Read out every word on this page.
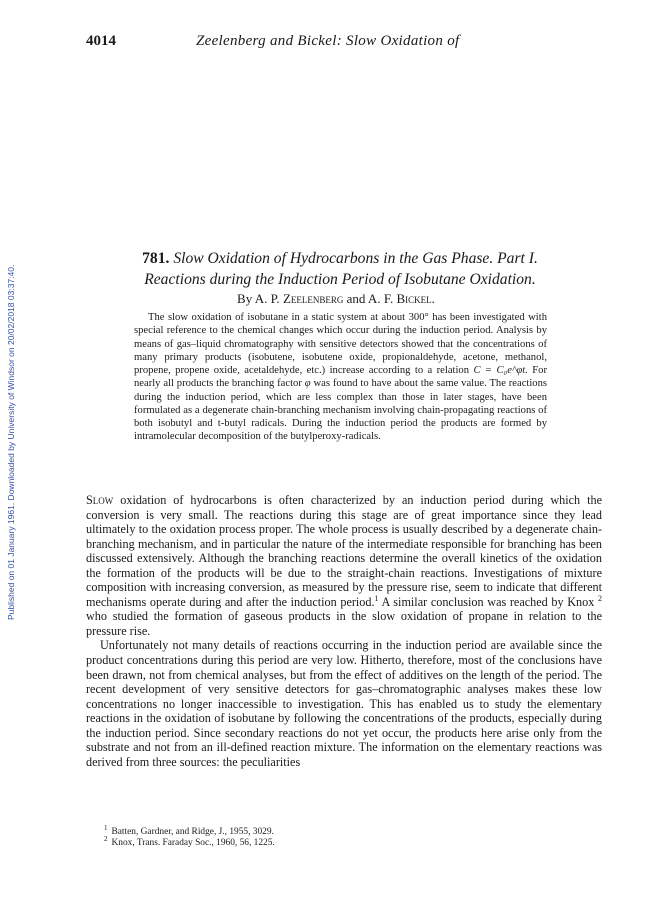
4014	Zeelenberg and Bickel: Slow Oxidation of
Published on 01 January 1961. Downloaded by University of Windsor on 20/02/2018 03:37:40.
781. Slow Oxidation of Hydrocarbons in the Gas Phase. Part I.
Reactions during the Induction Period of Isobutane Oxidation.
By A. P. Zeelenberg and A. F. Bickel.

The slow oxidation of isobutane in a static system at about 300° has been investigated with special reference to the chemical changes which occur during the induction period. Analysis by means of gas–liquid chromatography with sensitive detectors showed that the concentrations of many primary products (isobutene, isobutene oxide, propionaldehyde, acetone, methanol, propene, propene oxide, acetaldehyde, etc.) increase according to a relation C = C₀e^φt. For nearly all products the branching factor φ was found to have about the same value. The reactions during the induction period, which are less complex than those in later stages, have been formulated as a degenerate chain-branching mechanism involving chain-propagating reactions of both isobutyl and t-butyl radicals. During the induction period the products are formed by intramolecular decomposition of the butylperoxy-radicals.

Slow oxidation of hydrocarbons is often characterized by an induction period during which the conversion is very small. The reactions during this stage are of great importance since they lead ultimately to the oxidation process proper. The whole process is usually described by a degenerate chain-branching mechanism, and in particular the nature of the intermediate responsible for branching has been discussed extensively. Although the branching reactions determine the overall kinetics of the oxidation the formation of the products will be due to the straight-chain reactions. Investigations of mixture composition with increasing conversion, as measured by the pressure rise, seem to indicate that different mechanisms operate during and after the induction period.$^1$ A similar conclusion was reached by Knox $^2$ who studied the formation of gaseous products in the slow oxidation of propane in relation to the pressure rise.

Unfortunately not many details of reactions occurring in the induction period are available since the product concentrations during this period are very low. Hitherto, therefore, most of the conclusions have been drawn, not from chemical analyses, but from the effect of additives on the length of the period. The recent development of very sensitive detectors for gas–chromatographic analyses makes these low concentrations no longer inaccessible to investigation. This has enabled us to study the elementary reactions in the oxidation of isobutane by following the concentrations of the products, especially during the induction period. Since secondary reactions do not yet occur, the products here arise only from the substrate and not from an ill-defined reaction mixture. The information on the elementary reactions was derived from three sources: the peculiarities

$^1$ Batten, Gardner, and Ridge, J., 1955, 3029.
$^2$ Knox, Trans. Faraday Soc., 1960, 56, 1225.
